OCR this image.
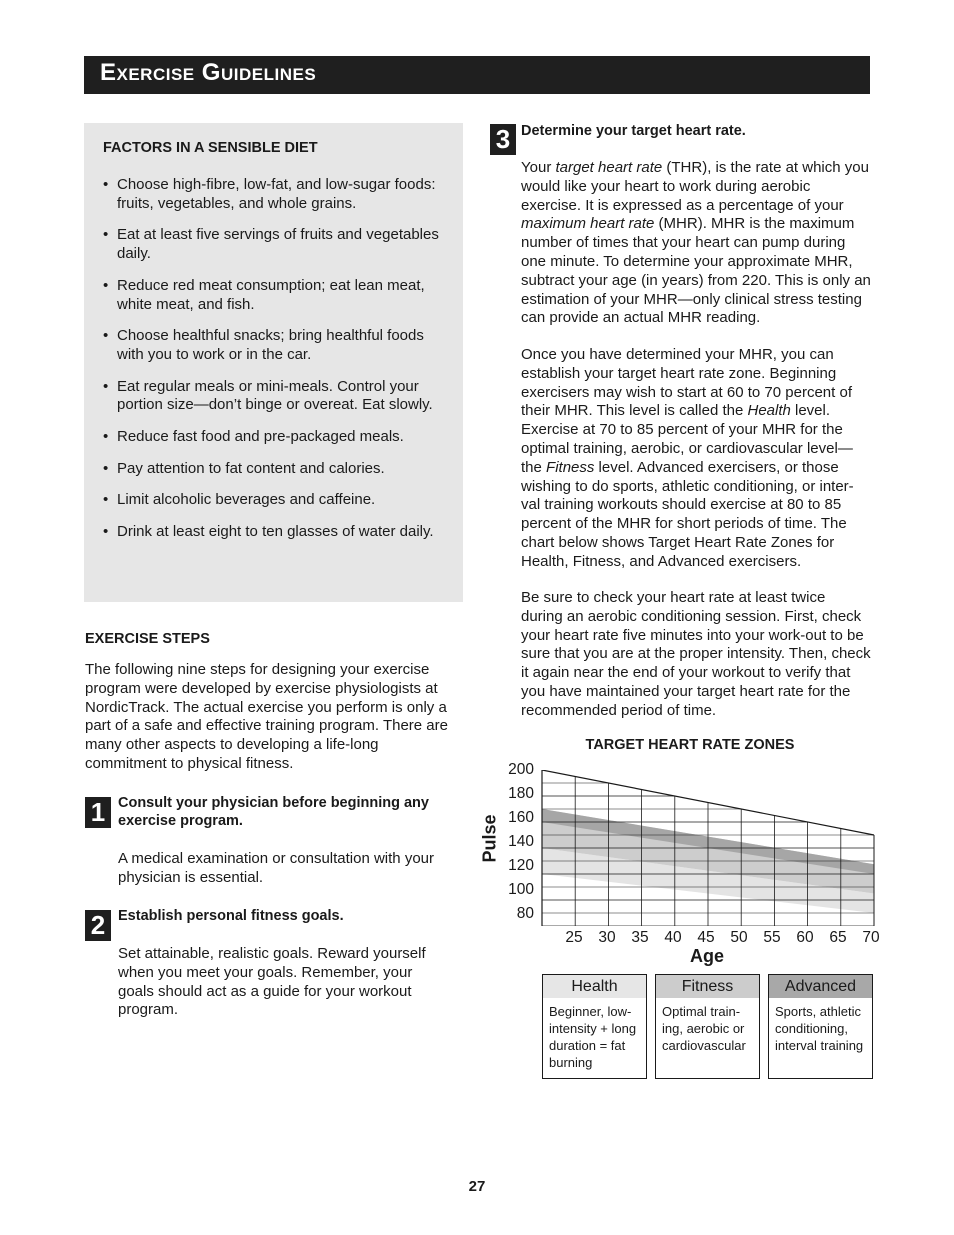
Exercise Guidelines
FACTORS IN A SENSIBLE DIET
• Choose high-fibre, low-fat, and low-sugar foods: fruits, vegetables, and whole grains.
• Eat at least five servings of fruits and vegetables daily.
• Reduce red meat consumption; eat lean meat, white meat, and fish.
• Choose healthful snacks; bring healthful foods with you to work or in the car.
• Eat regular meals or mini-meals. Control your portion size—don’t binge or overeat. Eat slowly.
• Reduce fast food and pre-packaged meals.
• Pay attention to fat content and calories.
• Limit alcoholic beverages and caffeine.
• Drink at least eight to ten glasses of water daily.
EXERCISE STEPS
The following nine steps for designing your exercise program were developed by exercise physiologists at NordicTrack. The actual exercise you perform is only a part of a safe and effective training program. There are many other aspects to developing a life-long commitment to physical fitness.
1 Consult your physician before beginning any exercise program.
A medical examination or consultation with your physician is essential.
2 Establish personal fitness goals.
Set attainable, realistic goals. Reward yourself when you meet your goals. Remember, your goals should act as a guide for your workout program.
3 Determine your target heart rate.
Your target heart rate (THR), is the rate at which you would like your heart to work during aerobic exercise. It is expressed as a percentage of your maximum heart rate (MHR). MHR is the maximum number of times that your heart can pump during one minute. To determine your approximate MHR, subtract your age (in years) from 220. This is only an estimation of your MHR—only clinical stress testing can provide an actual MHR reading.
Once you have determined your MHR, you can establish your target heart rate zone. Beginning exercisers may wish to start at 60 to 70 percent of their MHR. This level is called the Health level. Exercise at 70 to 85 percent of your MHR for the optimal training, aerobic, or cardiovascular level—the Fitness level. Advanced exercisers, or those wishing to do sports, athletic conditioning, or inter-val training workouts should exercise at 80 to 85 percent of the MHR for short periods of time. The chart below shows Target Heart Rate Zones for Health, Fitness, and Advanced exercisers.
Be sure to check your heart rate at least twice during an aerobic conditioning session. First, check your heart rate five minutes into your work-out to be sure that you are at the proper intensity. Then, check it again near the end of your workout to verify that you have maintained your target heart rate for the recommended period of time.
TARGET HEART RATE ZONES
200
180
160
140
120
100
80
Pulse
25	30	35	40	45	50	55	60	65	70
Age
Health
Beginner, low-intensity + long duration = fat burning
Fitness
Optimal train-ing, aerobic or cardiovascular
Advanced
Sports, athletic conditioning, interval training
27
